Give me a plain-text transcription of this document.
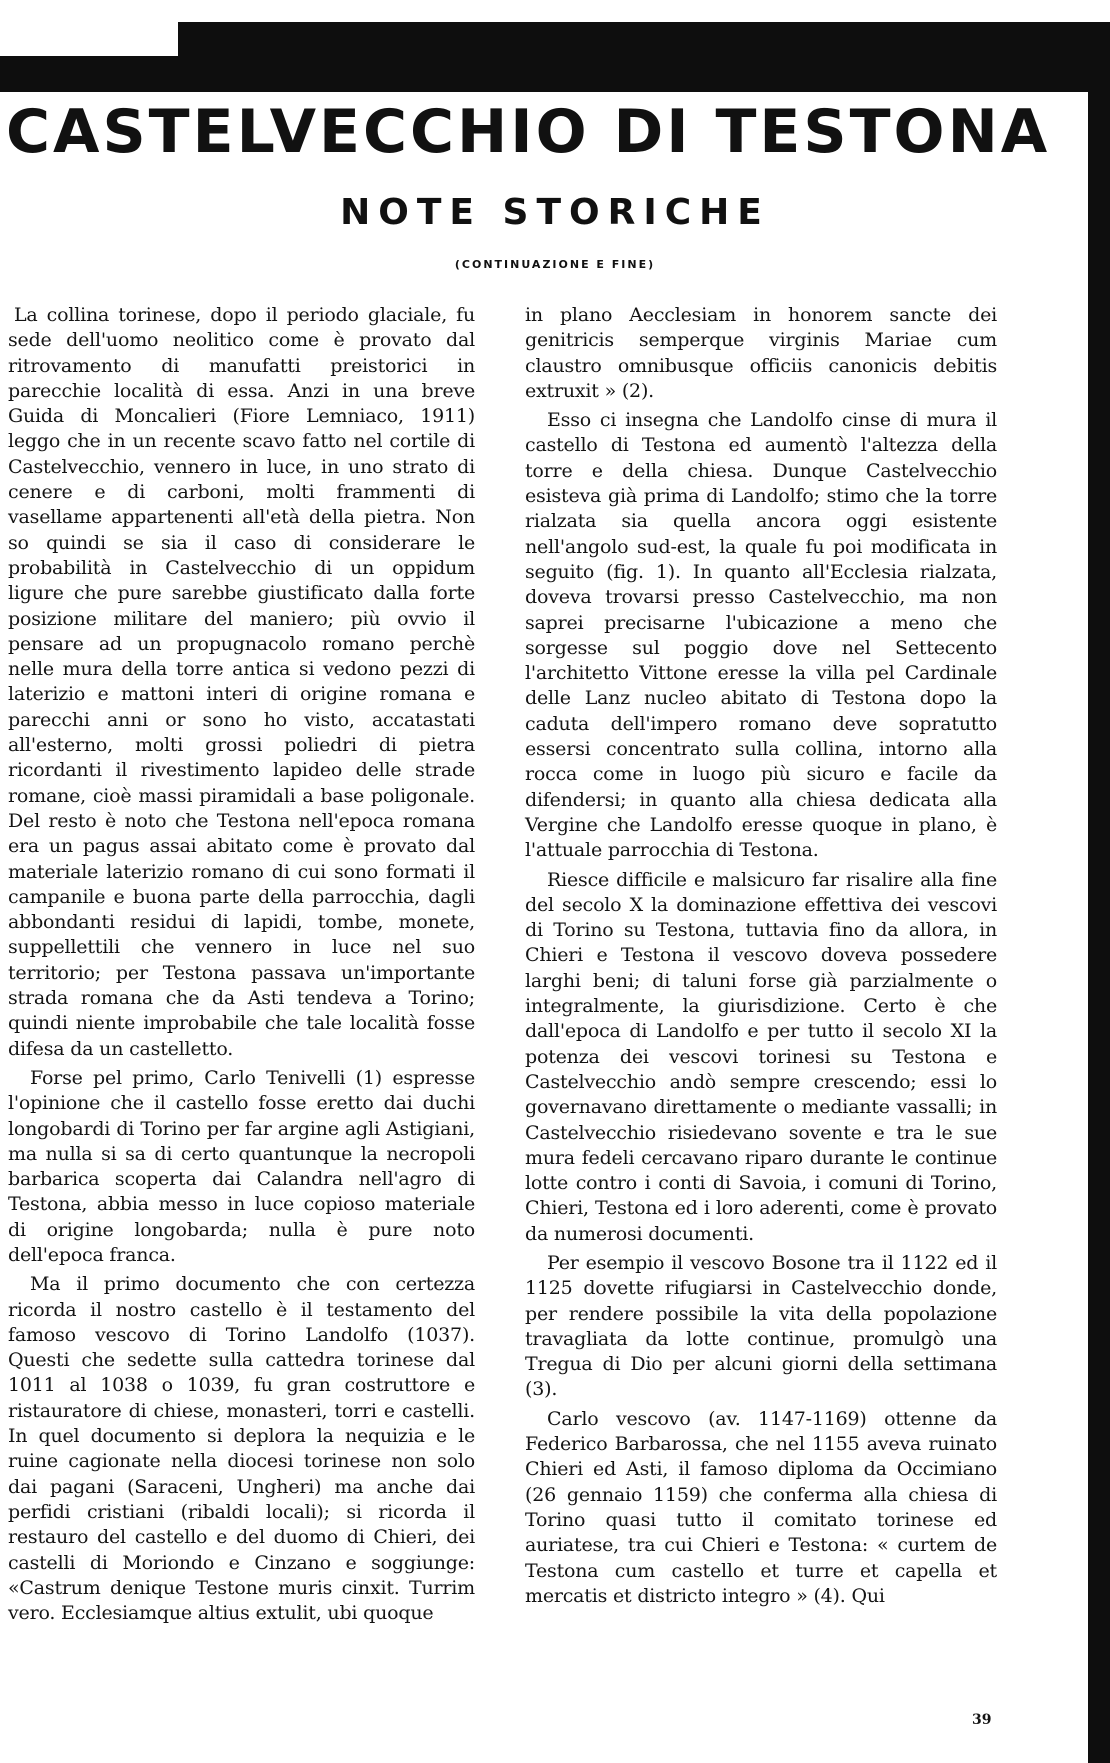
CASTELVECCHIO DI TESTONA
NOTE STORICHE
(CONTINUAZIONE E FINE)

La collina torinese, dopo il periodo glaciale, fu sede dell'uomo neolitico come è provato dal ritrovamento di manufatti preistorici in parecchie località di essa. Anzi in una breve Guida di Moncalieri (Fiore Lemniaco, 1911) leggo che in un recente scavo fatto nel cortile di Castelvecchio, vennero in luce, in uno strato di cenere e di carboni, molti frammenti di vasellame appartenenti all'età della pietra. Non so quindi se sia il caso di considerare le probabilità in Castelvecchio di un oppidum ligure che pure sarebbe giustificato dalla forte posizione militare del maniero; più ovvio il pensare ad un propugnacolo romano perchè nelle mura della torre antica si vedono pezzi di laterizio e mattoni interi di origine romana e parecchi anni or sono ho visto, accatastati all'esterno, molti grossi poliedri di pietra ricordanti il rivestimento lapideo delle strade romane, cioè massi piramidali a base poligonale. Del resto è noto che Testona nell'epoca romana era un pagus assai abitato come è provato dal materiale laterizio romano di cui sono formati il campanile e buona parte della parrocchia, dagli abbondanti residui di lapidi, tombe, monete, suppellettili che vennero in luce nel suo territorio; per Testona passava un'importante strada romana che da Asti tendeva a Torino; quindi niente improbabile che tale località fosse difesa da un castelletto.

Forse pel primo, Carlo Tenivelli (1) espresse l'opinione che il castello fosse eretto dai duchi longobardi di Torino per far argine agli Astigiani, ma nulla si sa di certo quantunque la necropoli barbarica scoperta dai Calandra nell'agro di Testona, abbia messo in luce copioso materiale di origine longobarda; nulla è pure noto dell'epoca franca.

Ma il primo documento che con certezza ricorda il nostro castello è il testamento del famoso vescovo di Torino Landolfo (1037). Questi che sedette sulla cattedra torinese dal 1011 al 1038 o 1039, fu gran costruttore e ristauratore di chiese, monasteri, torri e castelli. In quel documento si deplora la nequizia e le ruine cagionate nella diocesi torinese non solo dai pagani (Saraceni, Ungheri) ma anche dai perfidi cristiani (ribaldi locali); si ricorda il restauro del castello e del duomo di Chieri, dei castelli di Moriondo e Cinzano e soggiunge: «Castrum denique Testone muris cinxit. Turrim vero. Ecclesiamque altius extulit, ubi quoque

in plano Aecclesiam in honorem sancte dei genitricis semperque virginis Mariae cum claustro omnibusque officiis canonicis debitis extruxit » (2).

Esso ci insegna che Landolfo cinse di mura il castello di Testona ed aumentò l'altezza della torre e della chiesa. Dunque Castelvecchio esisteva già prima di Landolfo; stimo che la torre rialzata sia quella ancora oggi esistente nell'angolo sud-est, la quale fu poi modificata in seguito (fig. 1). In quanto all'Ecclesia rialzata, doveva trovarsi presso Castelvecchio, ma non saprei precisarne l'ubicazione a meno che sorgesse sul poggio dove nel Settecento l'architetto Vittone eresse la villa pel Cardinale delle Lanz nucleo abitato di Testona dopo la caduta dell'impero romano deve sopratutto essersi concentrato sulla collina, intorno alla rocca come in luogo più sicuro e facile da difendersi; in quanto alla chiesa dedicata alla Vergine che Landolfo eresse quoque in plano, è l'attuale parrocchia di Testona.

Riesce difficile e malsicuro far risalire alla fine del secolo X la dominazione effettiva dei vescovi di Torino su Testona, tuttavia fino da allora, in Chieri e Testona il vescovo doveva possedere larghi beni; di taluni forse già parzialmente o integralmente, la giurisdizione. Certo è che dall'epoca di Landolfo e per tutto il secolo XI la potenza dei vescovi torinesi su Testona e Castelvecchio andò sempre crescendo; essi lo governavano direttamente o mediante vassalli; in Castelvecchio risiedevano sovente e tra le sue mura fedeli cercavano riparo durante le continue lotte contro i conti di Savoia, i comuni di Torino, Chieri, Testona ed i loro aderenti, come è provato da numerosi documenti.

Per esempio il vescovo Bosone tra il 1122 ed il 1125 dovette rifugiarsi in Castelvecchio donde, per rendere possibile la vita della popolazione travagliata da lotte continue, promulgò una Tregua di Dio per alcuni giorni della settimana (3).

Carlo vescovo (av. 1147-1169) ottenne da Federico Barbarossa, che nel 1155 aveva ruinato Chieri ed Asti, il famoso diploma da Occimiano (26 gennaio 1159) che conferma alla chiesa di Torino quasi tutto il comitato torinese ed auriatese, tra cui Chieri e Testona: « curtem de Testona cum castello et turre et capella et mercatis et districto integro » (4). Qui

39
